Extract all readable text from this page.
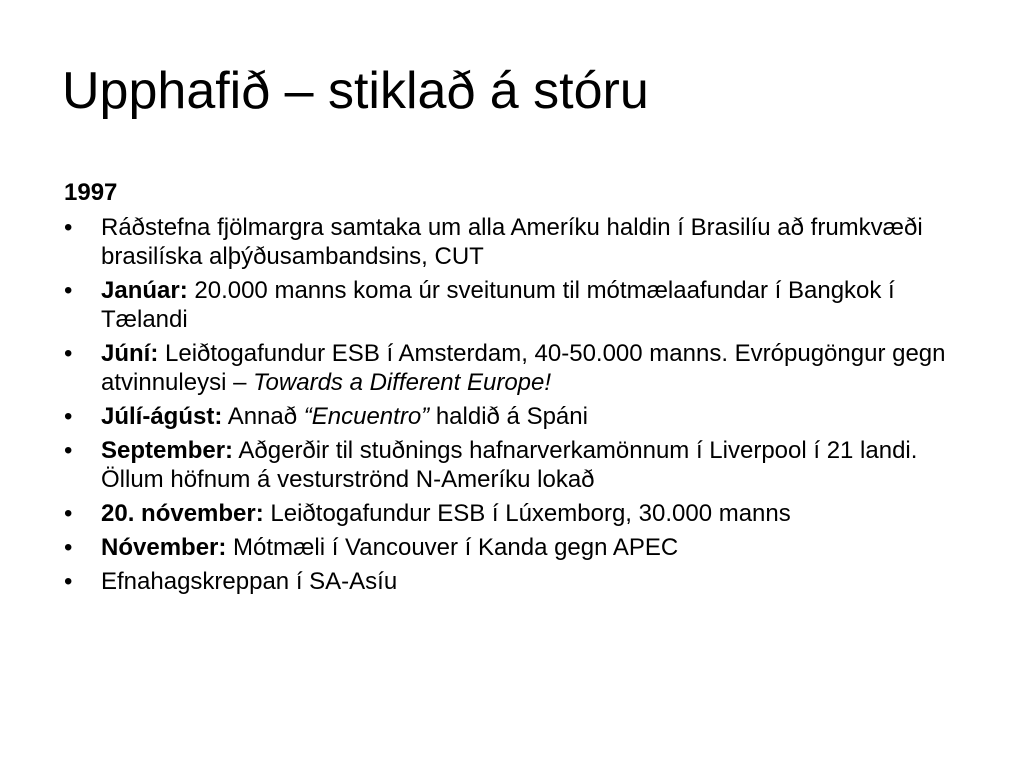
Upphafið – stiklað á stóru
1997
• Ráðstefna fjölmargra samtaka um alla Ameríku haldin í Brasilíu að frumkvæði brasilíska alþýðusambandsins, CUT
• Janúar: 20.000 manns koma úr sveitunum til mótmælaafundar í Bangkok í Tælandi
• Júní: Leiðtogafundur ESB í Amsterdam, 40-50.000 manns. Evrópugöngur gegn atvinnuleysi – Towards a Different Europe!
• Júlí-ágúst: Annað “Encuentro” haldið á Spáni
• September: Aðgerðir til stuðnings hafnarverkamönnum í Liverpool í 21 landi. Öllum höfnum á vesturströnd N-Ameríku lokað
• 20. nóvember: Leiðtogafundur ESB í Lúxemborg, 30.000 manns
• Nóvember: Mótmæli í Vancouver í Kanda gegn APEC
• Efnahagskreppan í SA-Asíu
